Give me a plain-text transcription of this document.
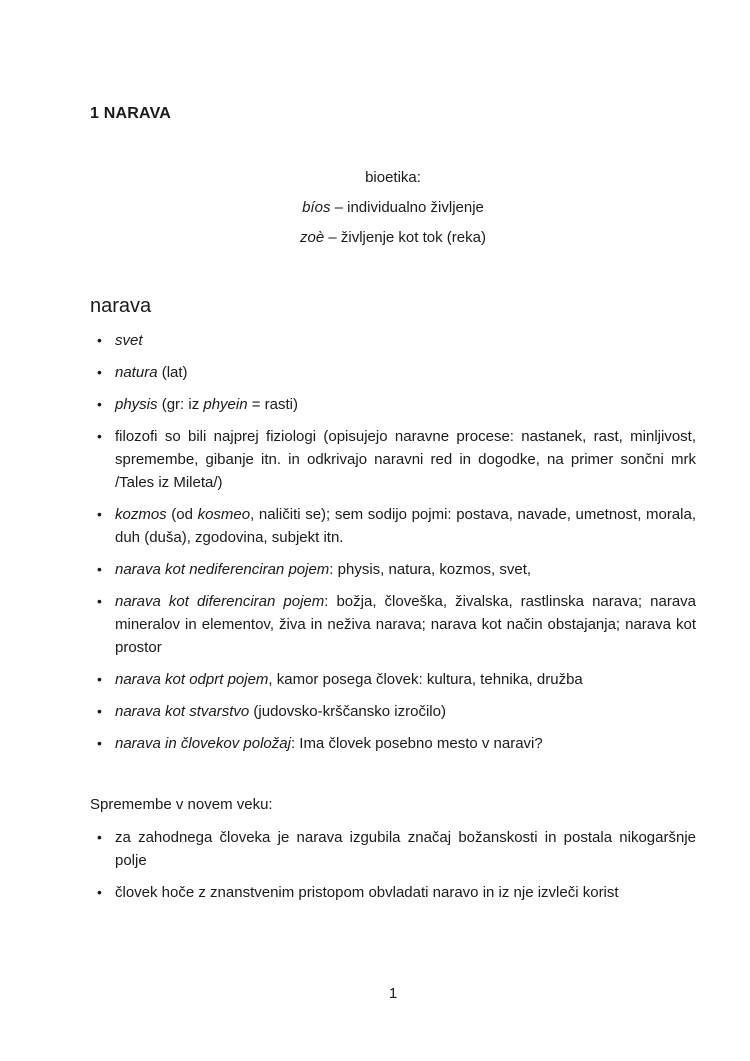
1 NARAVA
bioetika:
bíos – individualno življenje
zoè – življenje kot tok (reka)
narava
• svet
• natura (lat)
• physis (gr: iz phyein = rasti)
• filozofi so bili najprej fiziologi (opisujejo naravne procese: nastanek, rast, minljivost, spremembe, gibanje itn. in odkrivajo naravni red in dogodke, na primer sončni mrk /Tales iz Mileta/)
• kozmos (od kosmeo, naličiti se); sem sodijo pojmi: postava, navade, umetnost, morala, duh (duša), zgodovina, subjekt itn.
• narava kot nediferenciran pojem: physis, natura, kozmos, svet,
• narava kot diferenciran pojem: božja, človeška, živalska, rastlinska narava; narava mineralov in elementov, živa in neživa narava; narava kot način obstajanja; narava kot prostor
• narava kot odprt pojem, kamor posega človek: kultura, tehnika, družba
• narava kot stvarstvo (judovsko-krščansko izročilo)
• narava in človekov položaj: Ima človek posebno mesto v naravi?

Spremembe v novem veku:

• za zahodnega človeka je narava izgubila značaj božanskosti in postala nikogaršnje polje
• človek hoče z znanstvenim pristopom obvladati naravo in iz nje izvleči korist
1
